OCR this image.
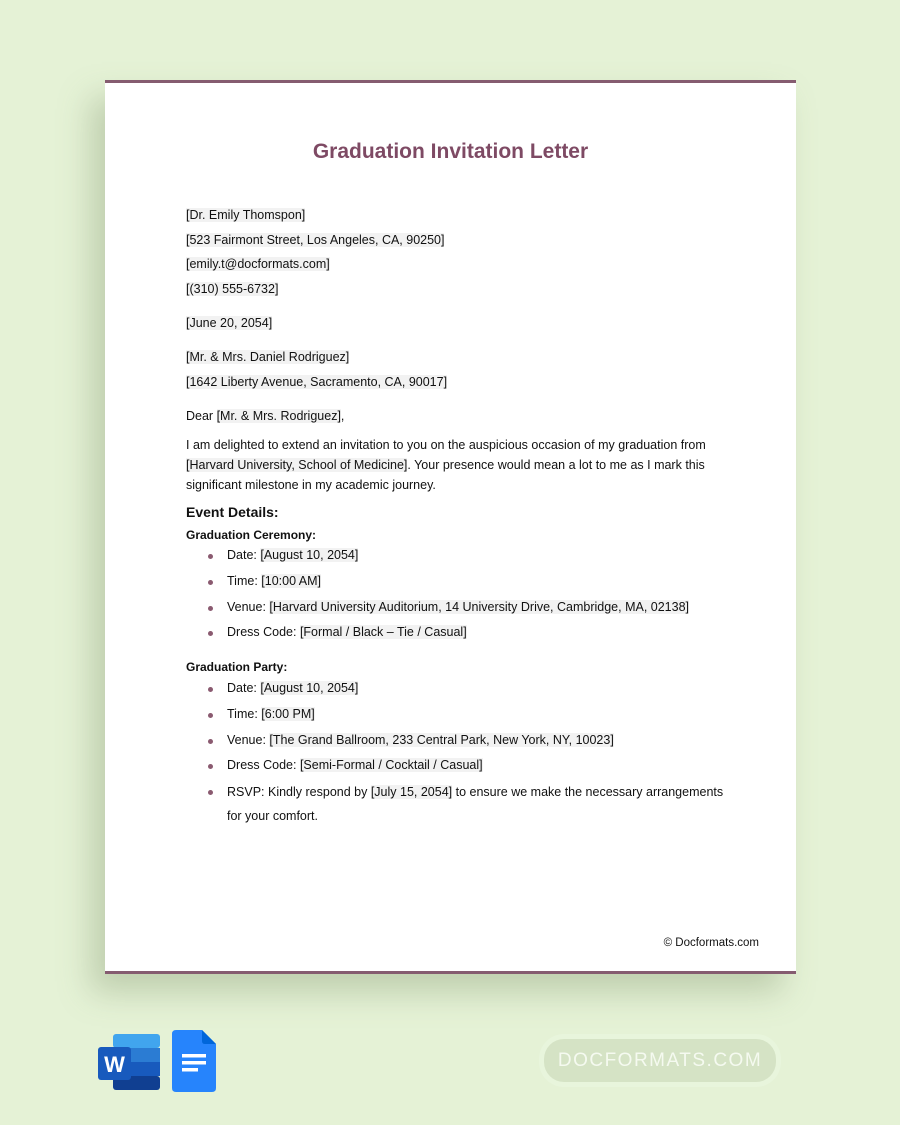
Graduation Invitation Letter
[Dr. Emily Thomspon]
[523 Fairmont Street, Los Angeles, CA, 90250]
[emily.t@docformats.com]
[(310) 555-6732]
[June 20, 2054]
[Mr. & Mrs. Daniel Rodriguez]
[1642 Liberty Avenue, Sacramento, CA, 90017]
Dear [Mr. & Mrs. Rodriguez],
I am delighted to extend an invitation to you on the auspicious occasion of my graduation from [Harvard University, School of Medicine]. Your presence would mean a lot to me as I mark this significant milestone in my academic journey.
Event Details:
Graduation Ceremony:
Date: [August 10, 2054]
Time: [10:00 AM]
Venue: [Harvard University Auditorium, 14 University Drive, Cambridge, MA, 02138]
Dress Code: [Formal / Black – Tie / Casual]
Graduation Party:
Date: [August 10, 2054]
Time: [6:00 PM]
Venue: [The Grand Ballroom, 233 Central Park, New York, NY, 10023]
Dress Code: [Semi-Formal / Cocktail / Casual]
RSVP: Kindly respond by [July 15, 2054] to ensure we make the necessary arrangements for your comfort.
© Docformats.com
W	DOCFORMATS.COM
